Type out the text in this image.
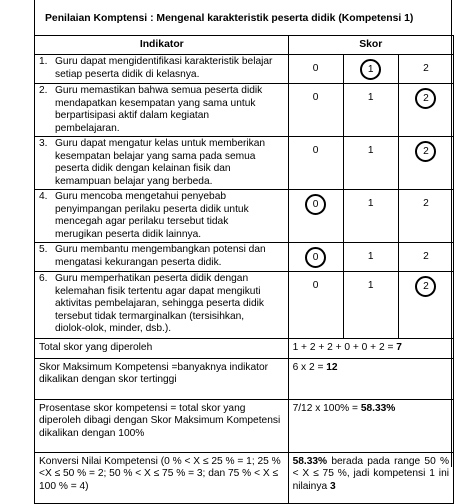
Penilaian Komptensi : Mengenal karakteristik peserta didik (Kompetensi 1)
Indikator	Skor		
1. Guru dapat mengidentifikasi karakteristik belajar setiap peserta didik di kelasnya.	0	1	2

2. Guru memastikan bahwa semua peserta didik mendapatkan kesempatan yang sama untuk berpartisipasi aktif dalam kegiatan pembelajaran.	0	1	2

3. Guru dapat mengatur kelas untuk memberikan kesempatan belajar yang sama pada semua peserta didik dengan kelainan fisik dan kemampuan belajar yang berbeda.	0	1	2

4. Guru mencoba mengetahui penyebab penyimpangan perilaku peserta didik untuk mencegah agar perilaku tersebut tidak merugikan peserta didik lainnya.	0	1	2

5. Guru membantu mengembangkan potensi dan mengatasi kekurangan peserta didik.	0	1	2

6. Guru memperhatikan peserta didik dengan kelemahan fisik tertentu agar dapat mengikuti aktivitas pembelajaran, sehingga peserta didik tersebut tidak termarginalkan (tersisihkan, diolok-olok, minder, dsb.).	0	1	2

Total skor yang diperoleh	1 + 2 + 2 + 0 + 0 + 2 = 7		
Skor Maksimum Kompetensi =banyaknya indikator dikalikan dengan skor tertinggi	6 x 2 = 12		
Prosentase skor kompetensi = total skor yang diperoleh dibagi dengan Skor Maksimum Kompetensi dikalikan dengan 100%	7/12 x 100% = 58.33%		
Konversi Nilai Kompetensi (0 % < X ≤ 25 % = 1; 25 % <X ≤ 50 % = 2; 50 % < X ≤ 75 % = 3; dan 75 % < X ≤ 100 % = 4)	58.33% berada pada range 50 % < X ≤ 75 %, jadi kompetensi 1 ini nilainya 3		
